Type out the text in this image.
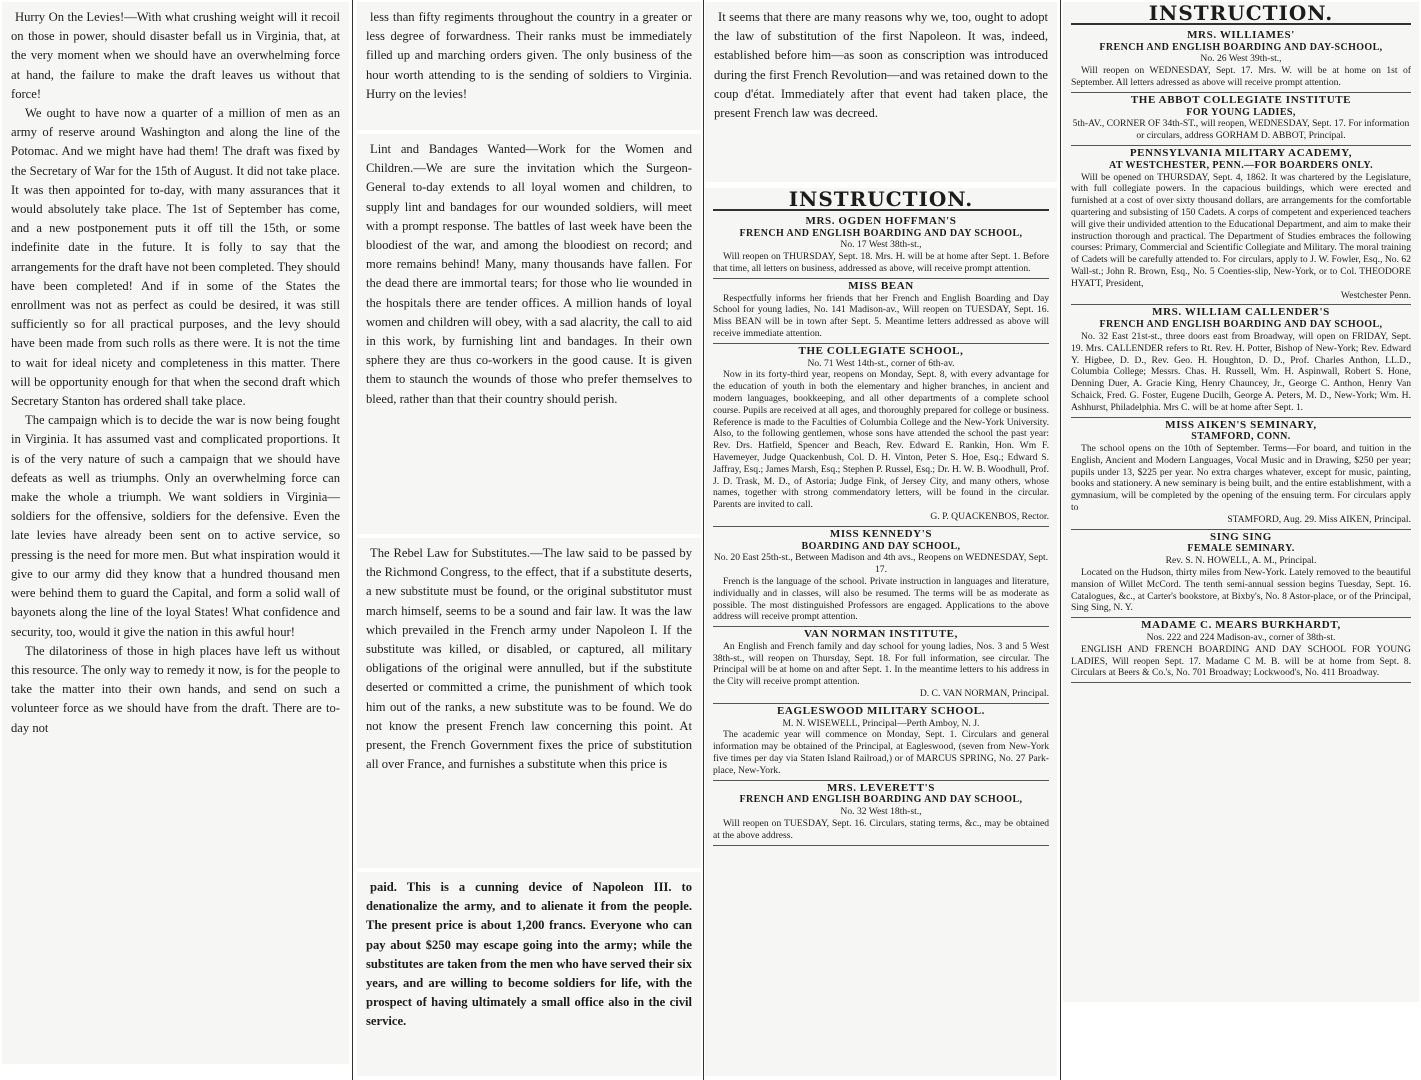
Hurry On the Levies!—With what crushing weight will it recoil on those in power, should disaster befall us in Virginia, that, at the very moment when we should have an overwhelming force at hand, the failure to make the draft leaves us without that force!

We ought to have now a quarter of a million of men as an army of reserve around Washington and along the line of the Potomac. And we might have had them! The draft was fixed by the Secretary of War for the 15th of August. It did not take place. It was then appointed for to-day, with many assurances that it would absolutely take place. The 1st of September has come, and a new postponement puts it off till the 15th, or some indefinite date in the future. It is folly to say that the arrangements for the draft have not been completed. They should have been completed! And if in some of the States the enrollment was not as perfect as could be desired, it was still sufficiently so for all practical purposes, and the levy should have been made from such rolls as there were. It is not the time to wait for ideal nicety and completeness in this matter. There will be opportunity enough for that when the second draft which Secretary Stanton has ordered shall take place.

The campaign which is to decide the war is now being fought in Virginia. It has assumed vast and complicated proportions. It is of the very nature of such a campaign that we should have defeats as well as triumphs. Only an overwhelming force can make the whole a triumph. We want soldiers in Virginia—soldiers for the offensive, soldiers for the defensive. Even the late levies have already been sent on to active service, so pressing is the need for more men. But what inspiration would it give to our army did they know that a hundred thousand men were behind them to guard the Capital, and form a solid wall of bayonets along the line of the loyal States! What confidence and security, too, would it give the nation in this awful hour!

The dilatoriness of those in high places have left us without this resource. The only way to remedy it now, is for the people to take the matter into their own hands, and send on such a volunteer force as we should have from the draft. There are to-day not

less than fifty regiments throughout the country in a greater or less degree of forwardness. Their ranks must be immediately filled up and marching orders given. The only business of the hour worth attending to is the sending of soldiers to Virginia. Hurry on the levies!

Lint and Bandages Wanted—Work for the Women and Children.—We are sure the invitation which the Surgeon-General to-day extends to all loyal women and children, to supply lint and bandages for our wounded soldiers, will meet with a prompt response. The battles of last week have been the bloodiest of the war, and among the bloodiest on record; and more remains behind! Many, many thousands have fallen. For the dead there are immortal tears; for those who lie wounded in the hospitals there are tender offices. A million hands of loyal women and children will obey, with a sad alacrity, the call to aid in this work, by furnishing lint and bandages. In their own sphere they are thus co-workers in the good cause. It is given them to staunch the wounds of those who prefer themselves to bleed, rather than that their country should perish.

The Rebel Law for Substitutes.—The law said to be passed by the Richmond Congress, to the effect, that if a substitute deserts, a new substitute must be found, or the original substitutor must march himself, seems to be a sound and fair law. It was the law which prevailed in the French army under Napoleon I. If the substitute was killed, or disabled, or captured, all military obligations of the original were annulled, but if the substitute deserted or committed a crime, the punishment of which took him out of the ranks, a new substitute was to be found. We do not know the present French law concerning this point. At present, the French Government fixes the price of substitution all over France, and furnishes a substitute when this price is

paid. This is a cunning device of Napoleon III. to denationalize the army, and to alienate it from the people. The present price is about 1,200 francs. Everyone who can pay about $250 may escape going into the army; while the substitutes are taken from the men who have served their six years, and are willing to become soldiers for life, with the prospect of having ultimately a small office also in the civil service.

It seems that there are many reasons why we, too, ought to adopt the law of substitution of the first Napoleon. It was, indeed, established before him—as soon as conscription was introduced during the first French Revolution—and was retained down to the coup d'état. Immediately after that event had taken place, the present French law was decreed.

INSTRUCTION.
MRS. OGDEN HOFFMAN'S
FRENCH AND ENGLISH BOARDING AND DAY SCHOOL,
No. 17 West 38th-st.,
Will reopen on THURSDAY, Sept. 18. Mrs. H. will be at home after Sept. 1. Before that time, all letters on business, addressed as above, will receive prompt attention.
MISS BEAN
Respectfully informs her friends that her French and English Boarding and Day School for young ladies, No. 141 Madison-av., Will reopen on TUESDAY, Sept. 16. Miss BEAN will be in town after Sept. 5. Meantime letters addressed as above will receive immediate attention.
THE COLLEGIATE SCHOOL,
No. 71 West 14th-st., corner of 6th-av.
Now in its forty-third year, reopens on Monday, Sept. 8, with every advantage for the education of youth in both the elementary and higher branches, in ancient and modern languages, bookkeeping, and all other departments of a complete school course. Pupils are received at all ages, and thoroughly prepared for college or business. Reference is made to the Faculties of Columbia College and the New-York University. Also, to the following gentlemen, whose sons have attended the school the past year: Rev. Drs. Hatfield, Spencer and Beach, Rev. Edward E. Rankin, Hon. Wm F. Havemeyer, Judge Quackenbush, Col. D. H. Vinton, Peter S. Hoe, Esq.; Edward S. Jaffray, Esq.; James Marsh, Esq.; Stephen P. Russel, Esq.; Dr. H. W. B. Woodhull, Prof. J. D. Trask, M. D., of Astoria; Judge Fink, of Jersey City, and many others, whose names, together with strong commendatory letters, will be found in the circular. Parents are invited to call.
G. P. QUACKENBOS, Rector.
MISS KENNEDY'S
BOARDING AND DAY SCHOOL,
No. 20 East 25th-st., Between Madison and 4th avs., Reopens on WEDNESDAY, Sept. 17.
French is the language of the school. Private instruction in languages and literature, individually and in classes, will also be resumed. The terms will be as moderate as possible. The most distinguished Professors are engaged. Applications to the above address will receive prompt attention.
VAN NORMAN INSTITUTE,
An English and French family and day school for young ladies, Nos. 3 and 5 West 38th-st., will reopen on Thursday, Sept. 18. For full information, see circular. The Principal will be at home on and after Sept. 1. In the meantime letters to his address in the City will receive prompt attention.
D. C. VAN NORMAN, Principal.
EAGLESWOOD MILITARY SCHOOL.
M. N. WISEWELL, Principal—Perth Amboy, N. J.
The academic year will commence on Monday, Sept. 1. Circulars and general information may be obtained of the Principal, at Eagleswood, (seven from New-York five times per day via Staten Island Railroad,) or of MARCUS SPRING, No. 27 Park-place, New-York.
MRS. LEVERETT'S
FRENCH AND ENGLISH BOARDING AND DAY SCHOOL,
No. 32 West 18th-st.,
Will reopen on TUESDAY, Sept. 16. Circulars, stating terms, &c., may be obtained at the above address.
INSTRUCTION.
MRS. WILLIAMES'
FRENCH AND ENGLISH BOARDING AND DAY-SCHOOL,
No. 26 West 39th-st.,
Will reopen on WEDNESDAY, Sept. 17. Mrs. W. will be at home on 1st of September. All letters adressed as above will receive prompt attention.
THE ABBOT COLLEGIATE INSTITUTE
FOR YOUNG LADIES,
5th-AV., CORNER OF 34th-ST., will reopen, WEDNESDAY, Sept. 17. For information or circulars, address GORHAM D. ABBOT, Principal.
PENNSYLVANIA MILITARY ACADEMY,
AT WESTCHESTER, PENN.—FOR BOARDERS ONLY.
Will be opened on THURSDAY, Sept. 4, 1862. It was chartered by the Legislature, with full collegiate powers. In the capacious buildings, which were erected and furnished at a cost of over sixty thousand dollars, are arrangements for the comfortable quartering and subsisting of 150 Cadets. A corps of competent and experienced teachers will give their undivided attention to the Educational Department, and aim to make their instruction thorough and practical. The Department of Studies embraces the following courses: Primary, Commercial and Scientific Collegiate and Military. The moral training of Cadets will be carefully attended to. For circulars, apply to J. W. Fowler, Esq., No. 62 Wall-st.; John R. Brown, Esq., No. 5 Coenties-slip, New-York, or to Col. THEODORE HYATT, President,
Westchester Penn.
MRS. WILLIAM CALLENDER'S
FRENCH AND ENGLISH BOARDING AND DAY SCHOOL,
No. 32 East 21st-st., three doors east from Broadway, will open on FRIDAY, Sept. 19. Mrs. CALLENDER refers to Rt. Rev. H. Potter, Bishop of New-York; Rev. Edward Y. Higbee, D. D., Rev. Geo. H. Houghton, D. D., Prof. Charles Anthon, LL.D., Columbia College; Messrs. Chas. H. Russell, Wm. H. Aspinwall, Robert S. Hone, Denning Duer, A. Gracie King, Henry Chauncey, Jr., George C. Anthon, Henry Van Schaick, Fred. G. Foster, Eugene Ducilh, George A. Peters, M. D., New-York; Wm. H. Ashhurst, Philadelphia. Mrs C. will be at home after Sept. 1.
MISS AIKEN'S SEMINARY,
STAMFORD, CONN.
The school opens on the 10th of September. Terms—For board, and tuition in the English, Ancient and Modern Languages, Vocal Music and in Drawing, $250 per year; pupils under 13, $225 per year. No extra charges whatever, except for music, painting, books and stationery. A new seminary is being built, and the entire establishment, with a gymnasium, will be completed by the opening of the ensuing term. For circulars apply to
STAMFORD, Aug. 29. Miss AIKEN, Principal.
SING SING
FEMALE SEMINARY.
Rev. S. N. HOWELL, A. M., Principal.
Located on the Hudson, thirty miles from New-York. Lately removed to the beautiful mansion of Willet McCord. The tenth semi-annual session begins Tuesday, Sept. 16. Catalogues, &c., at Carter's bookstore, at Bixby's, No. 8 Astor-place, or of the Principal, Sing Sing, N. Y.
MADAME C. MEARS BURKHARDT,
Nos. 222 and 224 Madison-av., corner of 38th-st.
ENGLISH AND FRENCH BOARDING AND DAY SCHOOL FOR YOUNG LADIES, Will reopen Sept. 17. Madame C M. B. will be at home from Sept. 8. Circulars at Beers & Co.'s, No. 701 Broadway; Lockwood's, No. 411 Broadway.
